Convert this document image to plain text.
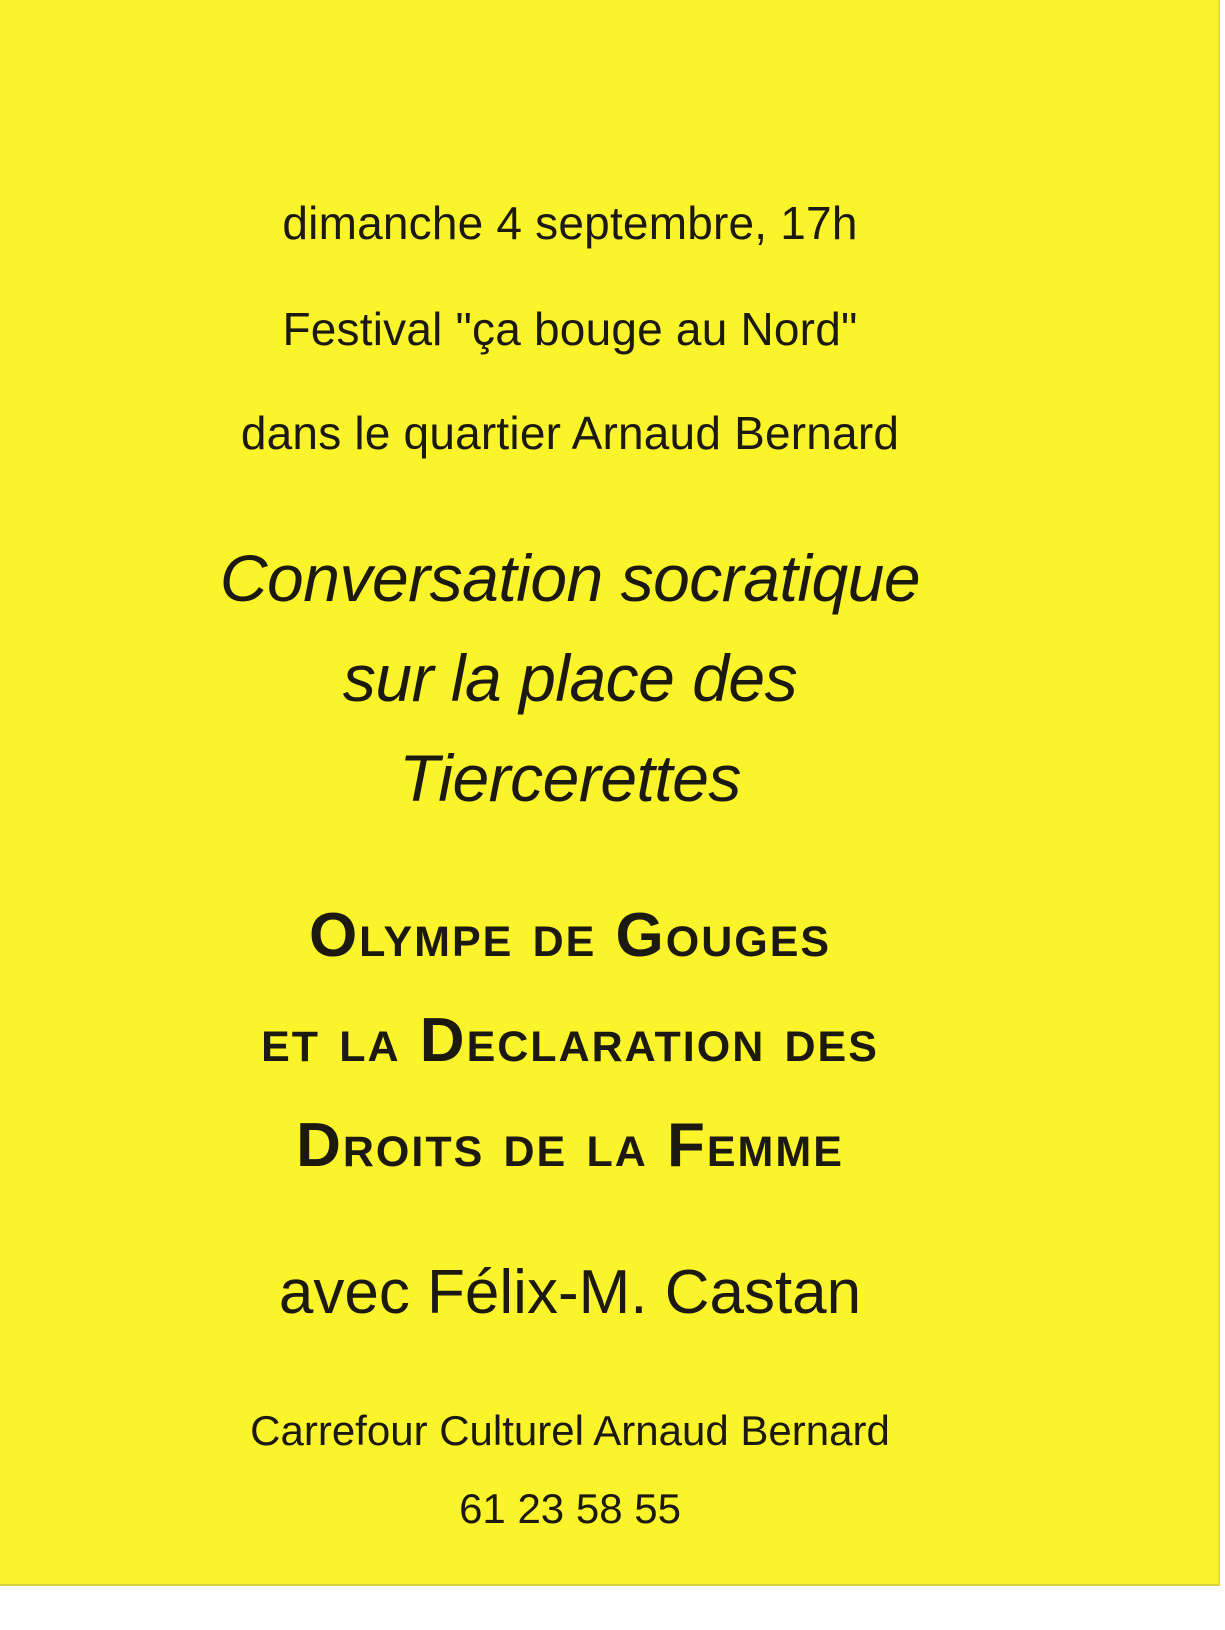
dimanche 4 septembre, 17h
Festival "ça bouge au Nord"
dans le quartier Arnaud Bernard
Conversation socratique
sur la place des
Tiercerettes
Olympe de Gouges
et la Declaration des
Droits de la Femme
avec Félix-M. Castan
Carrefour Culturel Arnaud Bernard
61 23 58 55
